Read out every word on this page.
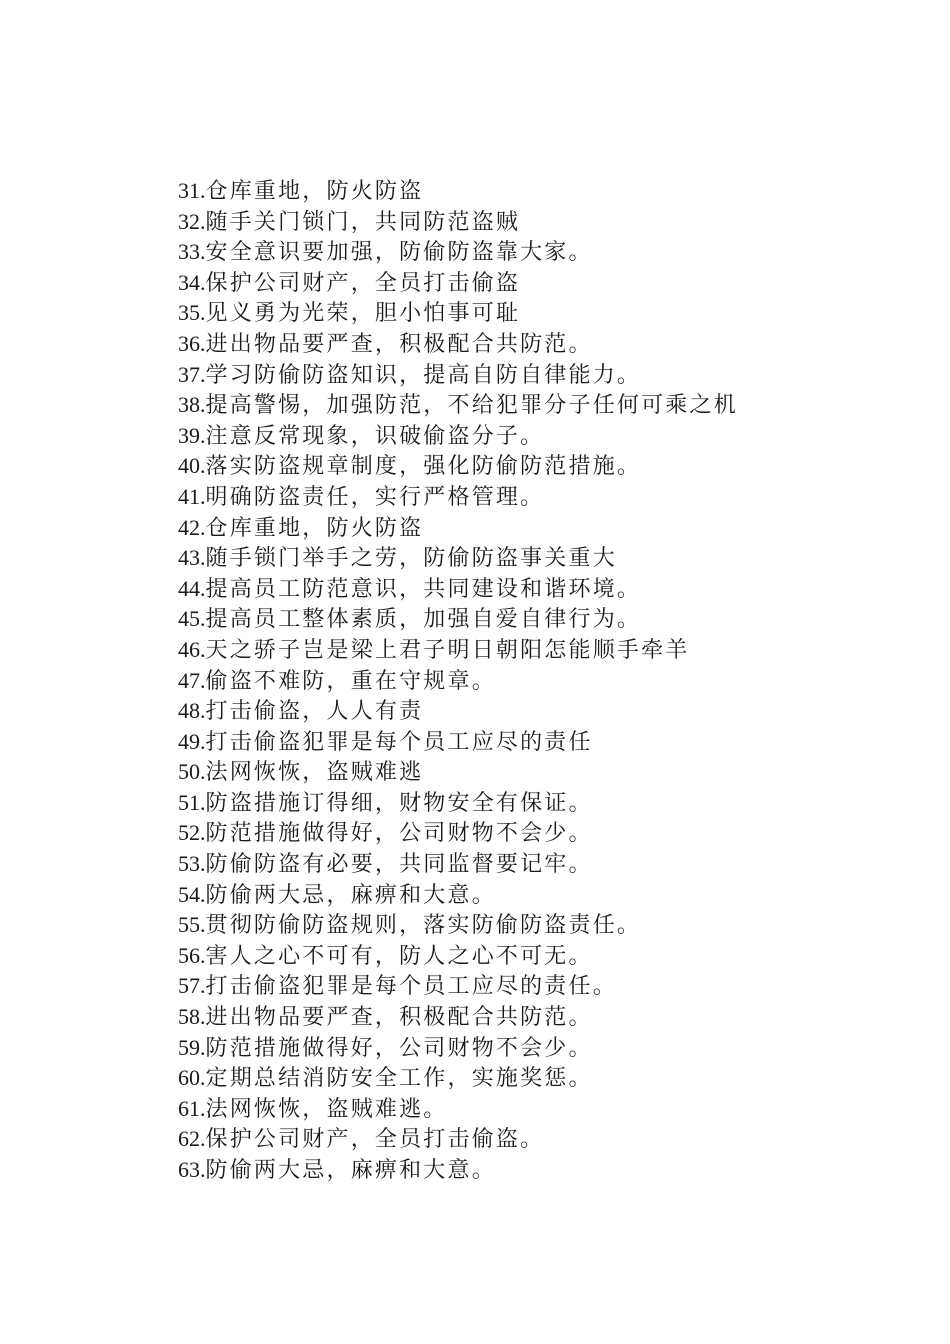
31.仓库重地，防火防盗
32.随手关门锁门，共同防范盗贼
33.安全意识要加强，防偷防盗靠大家。
34.保护公司财产，全员打击偷盗
35.见义勇为光荣，胆小怕事可耻
36.进出物品要严查，积极配合共防范。
37.学习防偷防盗知识，提高自防自律能力。
38.提高警惕，加强防范，不给犯罪分子任何可乘之机
39.注意反常现象，识破偷盗分子。
40.落实防盗规章制度，强化防偷防范措施。
41.明确防盗责任，实行严格管理。
42.仓库重地，防火防盗
43.随手锁门举手之劳，防偷防盗事关重大
44.提高员工防范意识，共同建设和谐环境。
45.提高员工整体素质，加强自爱自律行为。
46.天之骄子岂是梁上君子明日朝阳怎能顺手牵羊
47.偷盗不难防，重在守规章。
48.打击偷盗，人人有责
49.打击偷盗犯罪是每个员工应尽的责任
50.法网恢恢，盗贼难逃
51.防盗措施订得细，财物安全有保证。
52.防范措施做得好，公司财物不会少。
53.防偷防盗有必要，共同监督要记牢。
54.防偷两大忌，麻痹和大意。
55.贯彻防偷防盗规则，落实防偷防盗责任。
56.害人之心不可有，防人之心不可无。
57.打击偷盗犯罪是每个员工应尽的责任。
58.进出物品要严查，积极配合共防范。
59.防范措施做得好，公司财物不会少。
60.定期总结消防安全工作，实施奖惩。
61.法网恢恢，盗贼难逃。
62.保护公司财产，全员打击偷盗。
63.防偷两大忌，麻痹和大意。
